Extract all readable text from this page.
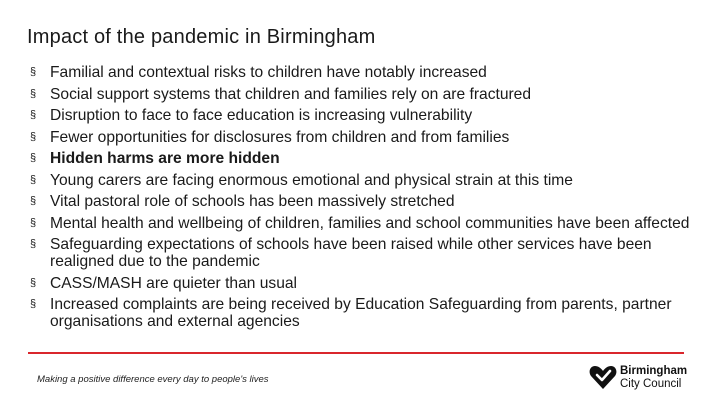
Impact of the pandemic in Birmingham
§ Familial and contextual risks to children have notably increased
§ Social support systems that children and families rely on are fractured
§ Disruption to face to face education is increasing vulnerability
§ Fewer opportunities for disclosures from children and from families
§ Hidden harms are more hidden
§ Young carers are facing enormous emotional and physical strain at this time
§ Vital pastoral role of schools has been massively stretched
§ Mental health and wellbeing of children, families and school communities have been affected
§ Safeguarding expectations of schools have been raised while other services have been realigned due to the pandemic
§ CASS/MASH are quieter than usual
§ Increased complaints are being received by Education Safeguarding from parents, partner organisations and external agencies
Making a positive difference every day to people's lives
Birmingham
City Council
